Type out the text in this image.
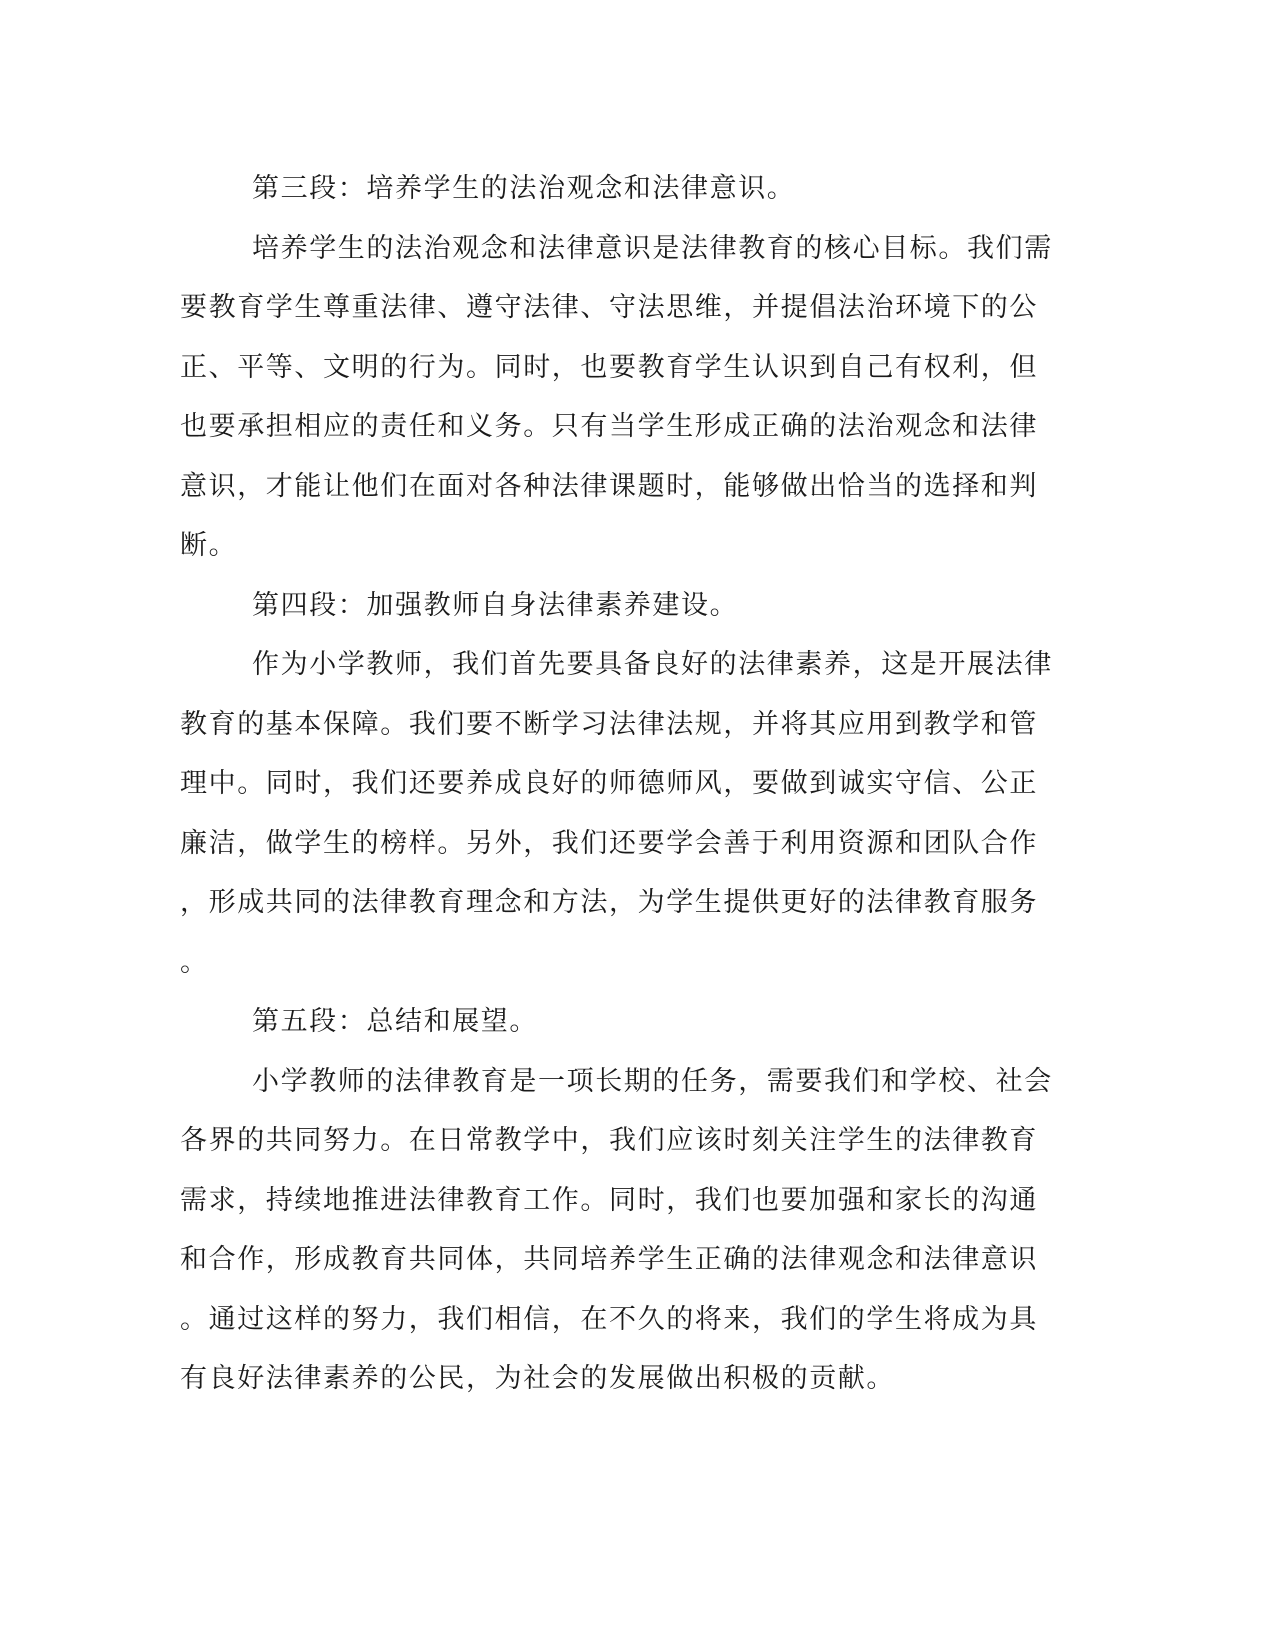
第三段：培养学生的法治观念和法律意识。
培养学生的法治观念和法律意识是法律教育的核心目标。我们需
要教育学生尊重法律、遵守法律、守法思维，并提倡法治环境下的公
正、平等、文明的行为。同时，也要教育学生认识到自己有权利，但
也要承担相应的责任和义务。只有当学生形成正确的法治观念和法律
意识，才能让他们在面对各种法律课题时，能够做出恰当的选择和判
断。
第四段：加强教师自身法律素养建设。
作为小学教师，我们首先要具备良好的法律素养，这是开展法律
教育的基本保障。我们要不断学习法律法规，并将其应用到教学和管
理中。同时，我们还要养成良好的师德师风，要做到诚实守信、公正
廉洁，做学生的榜样。另外，我们还要学会善于利用资源和团队合作
，形成共同的法律教育理念和方法，为学生提供更好的法律教育服务
。
第五段：总结和展望。
小学教师的法律教育是一项长期的任务，需要我们和学校、社会
各界的共同努力。在日常教学中，我们应该时刻关注学生的法律教育
需求，持续地推进法律教育工作。同时，我们也要加强和家长的沟通
和合作，形成教育共同体，共同培养学生正确的法律观念和法律意识
。通过这样的努力，我们相信，在不久的将来，我们的学生将成为具
有良好法律素养的公民，为社会的发展做出积极的贡献。
